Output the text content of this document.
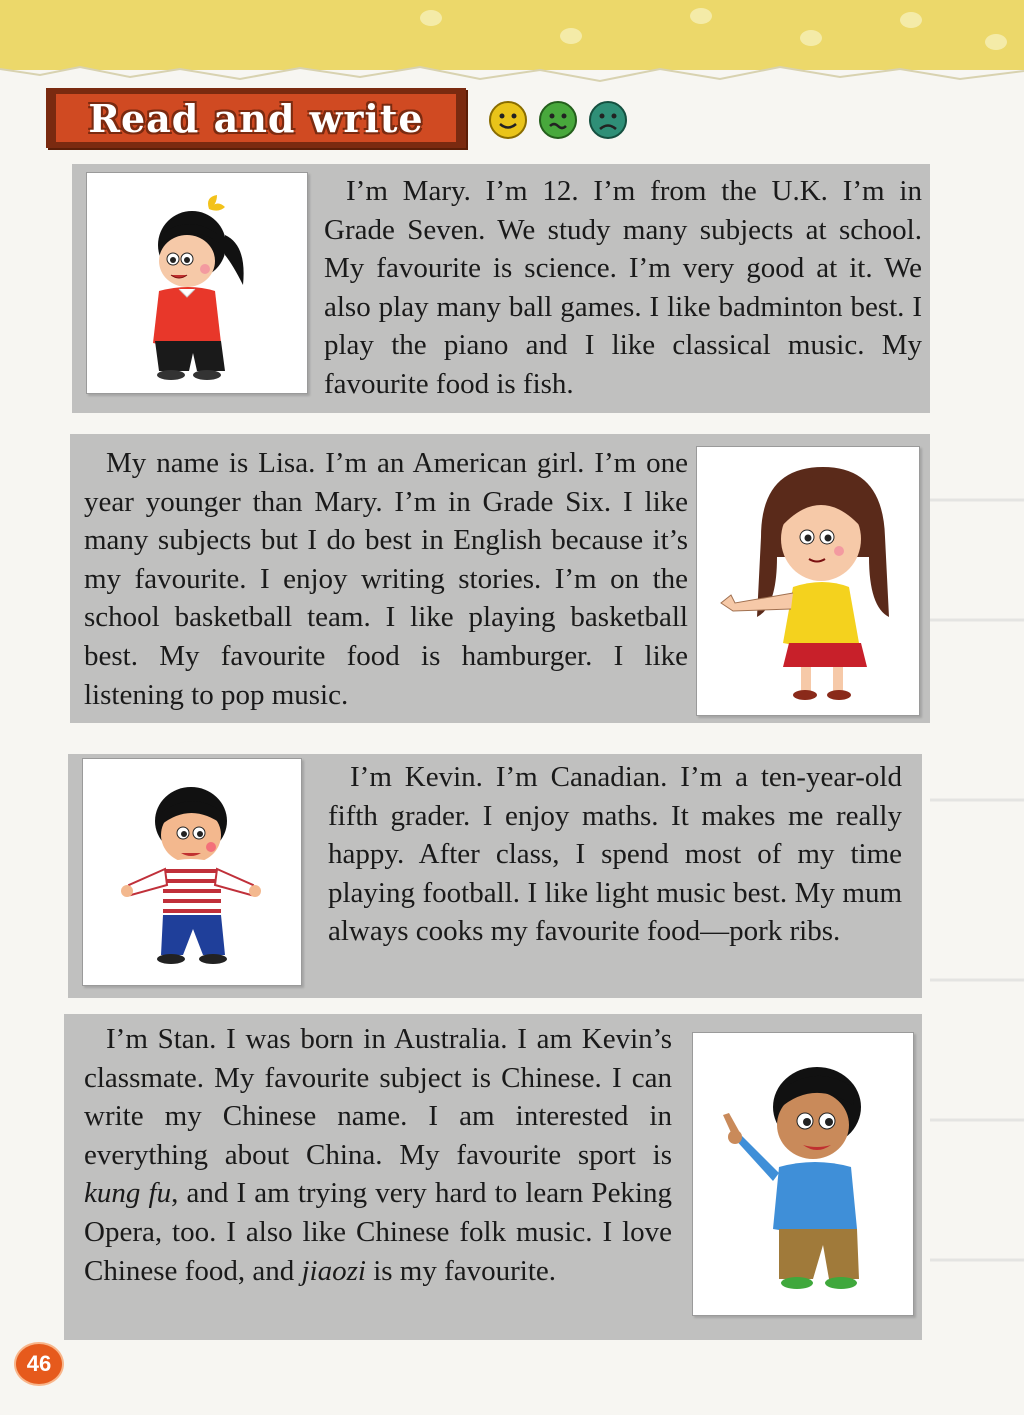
Read and write

I’m Mary. I’m 12. I’m from the U.K. I’m in Grade Seven. We study many subjects at school. My favourite is science. I’m very good at it. We also play many ball games. I like badminton best. I play the piano and I like classical music. My favourite food is fish.

My name is Lisa. I’m an American girl. I’m one year younger than Mary. I’m in Grade Six. I like many subjects but I do best in English because it’s my favourite. I enjoy writing stories. I’m on the school basketball team. I like playing basketball best. My favourite food is hamburger. I like listening to pop music.

I’m Kevin. I’m Canadian. I’m a ten-year-old fifth grader. I enjoy maths. It makes me really happy. After class, I spend most of my time playing football. I like light music best. My mum always cooks my favourite food—pork ribs.

I’m Stan. I was born in Australia. I am Kevin’s classmate. My favourite subject is Chinese. I can write my Chinese name. I am interested in everything about China. My favourite sport is kung fu, and I am trying very hard to learn Peking Opera, too. I also like Chinese folk music. I love Chinese food, and jiaozi is my favourite.

46
